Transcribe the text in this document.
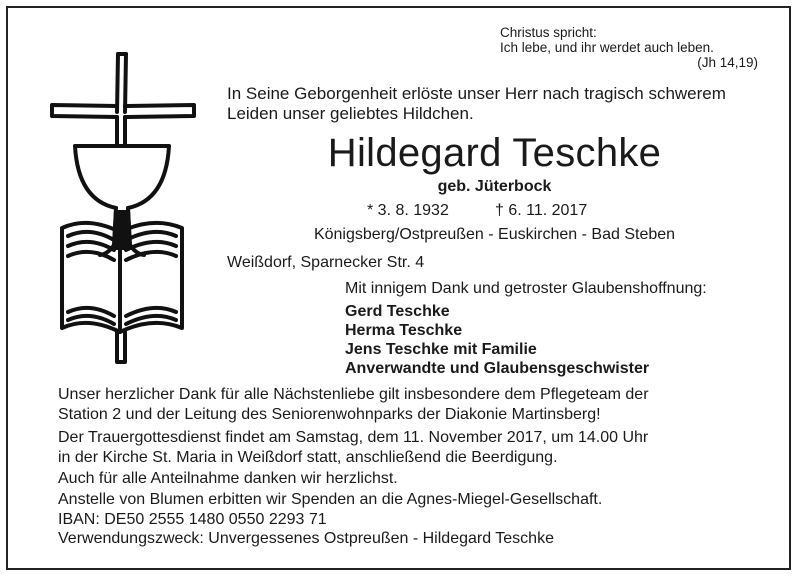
Christus spricht:
Ich lebe, und ihr werdet auch leben.

(Jh 14,19)
In Seine Geborgenheit erlöste unser Herr nach tragisch schwerem
Leiden unser geliebtes Hildchen.
Hildegard Teschke
geb. Jüterbock
* 3. 8. 1932	† 6. 11. 2017
Königsberg/Ostpreußen - Euskirchen - Bad Steben
Weißdorf, Sparnecker Str. 4
Mit innigem Dank und getroster Glaubenshoffnung:
Gerd Teschke
Herma Teschke
Jens Teschke mit Familie
Anverwandte und Glaubensgeschwister
Unser herzlicher Dank für alle Nächstenliebe gilt insbesondere dem Pflegeteam der
Station 2 und der Leitung des Seniorenwohnparks der Diakonie Martinsberg!
Der Trauergottesdienst findet am Samstag, dem 11. November 2017, um 14.00 Uhr
in der Kirche St. Maria in Weißdorf statt, anschließend die Beerdigung.
Auch für alle Anteilnahme danken wir herzlichst.
Anstelle von Blumen erbitten wir Spenden an die Agnes-Miegel-Gesellschaft.
IBAN: DE50 2555 1480 0550 2293 71
Verwendungszweck: Unvergessenes Ostpreußen - Hildegard Teschke
